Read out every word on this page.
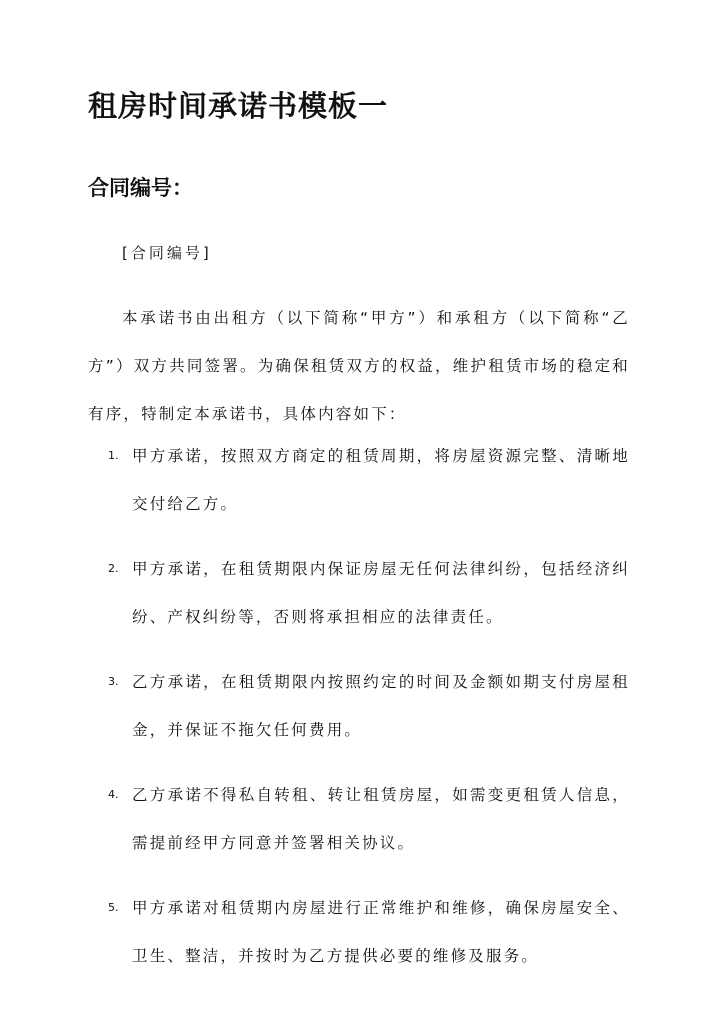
租房时间承诺书模板一
合同编号：
[合同编号]

本承诺书由出租方（以下简称“甲方”）和承租方（以下简称“乙方”）双方共同签署。为确保租赁双方的权益，维护租赁市场的稳定和有序，特制定本承诺书，具体内容如下：

1. 甲方承诺，按照双方商定的租赁周期，将房屋资源完整、清晰地交付给乙方。
2. 甲方承诺，在租赁期限内保证房屋无任何法律纠纷，包括经济纠纷、产权纠纷等，否则将承担相应的法律责任。
3. 乙方承诺，在租赁期限内按照约定的时间及金额如期支付房屋租金，并保证不拖欠任何费用。
4. 乙方承诺不得私自转租、转让租赁房屋，如需变更租赁人信息，需提前经甲方同意并签署相关协议。
5. 甲方承诺对租赁期内房屋进行正常维护和维修，确保房屋安全、卫生、整洁，并按时为乙方提供必要的维修及服务。
